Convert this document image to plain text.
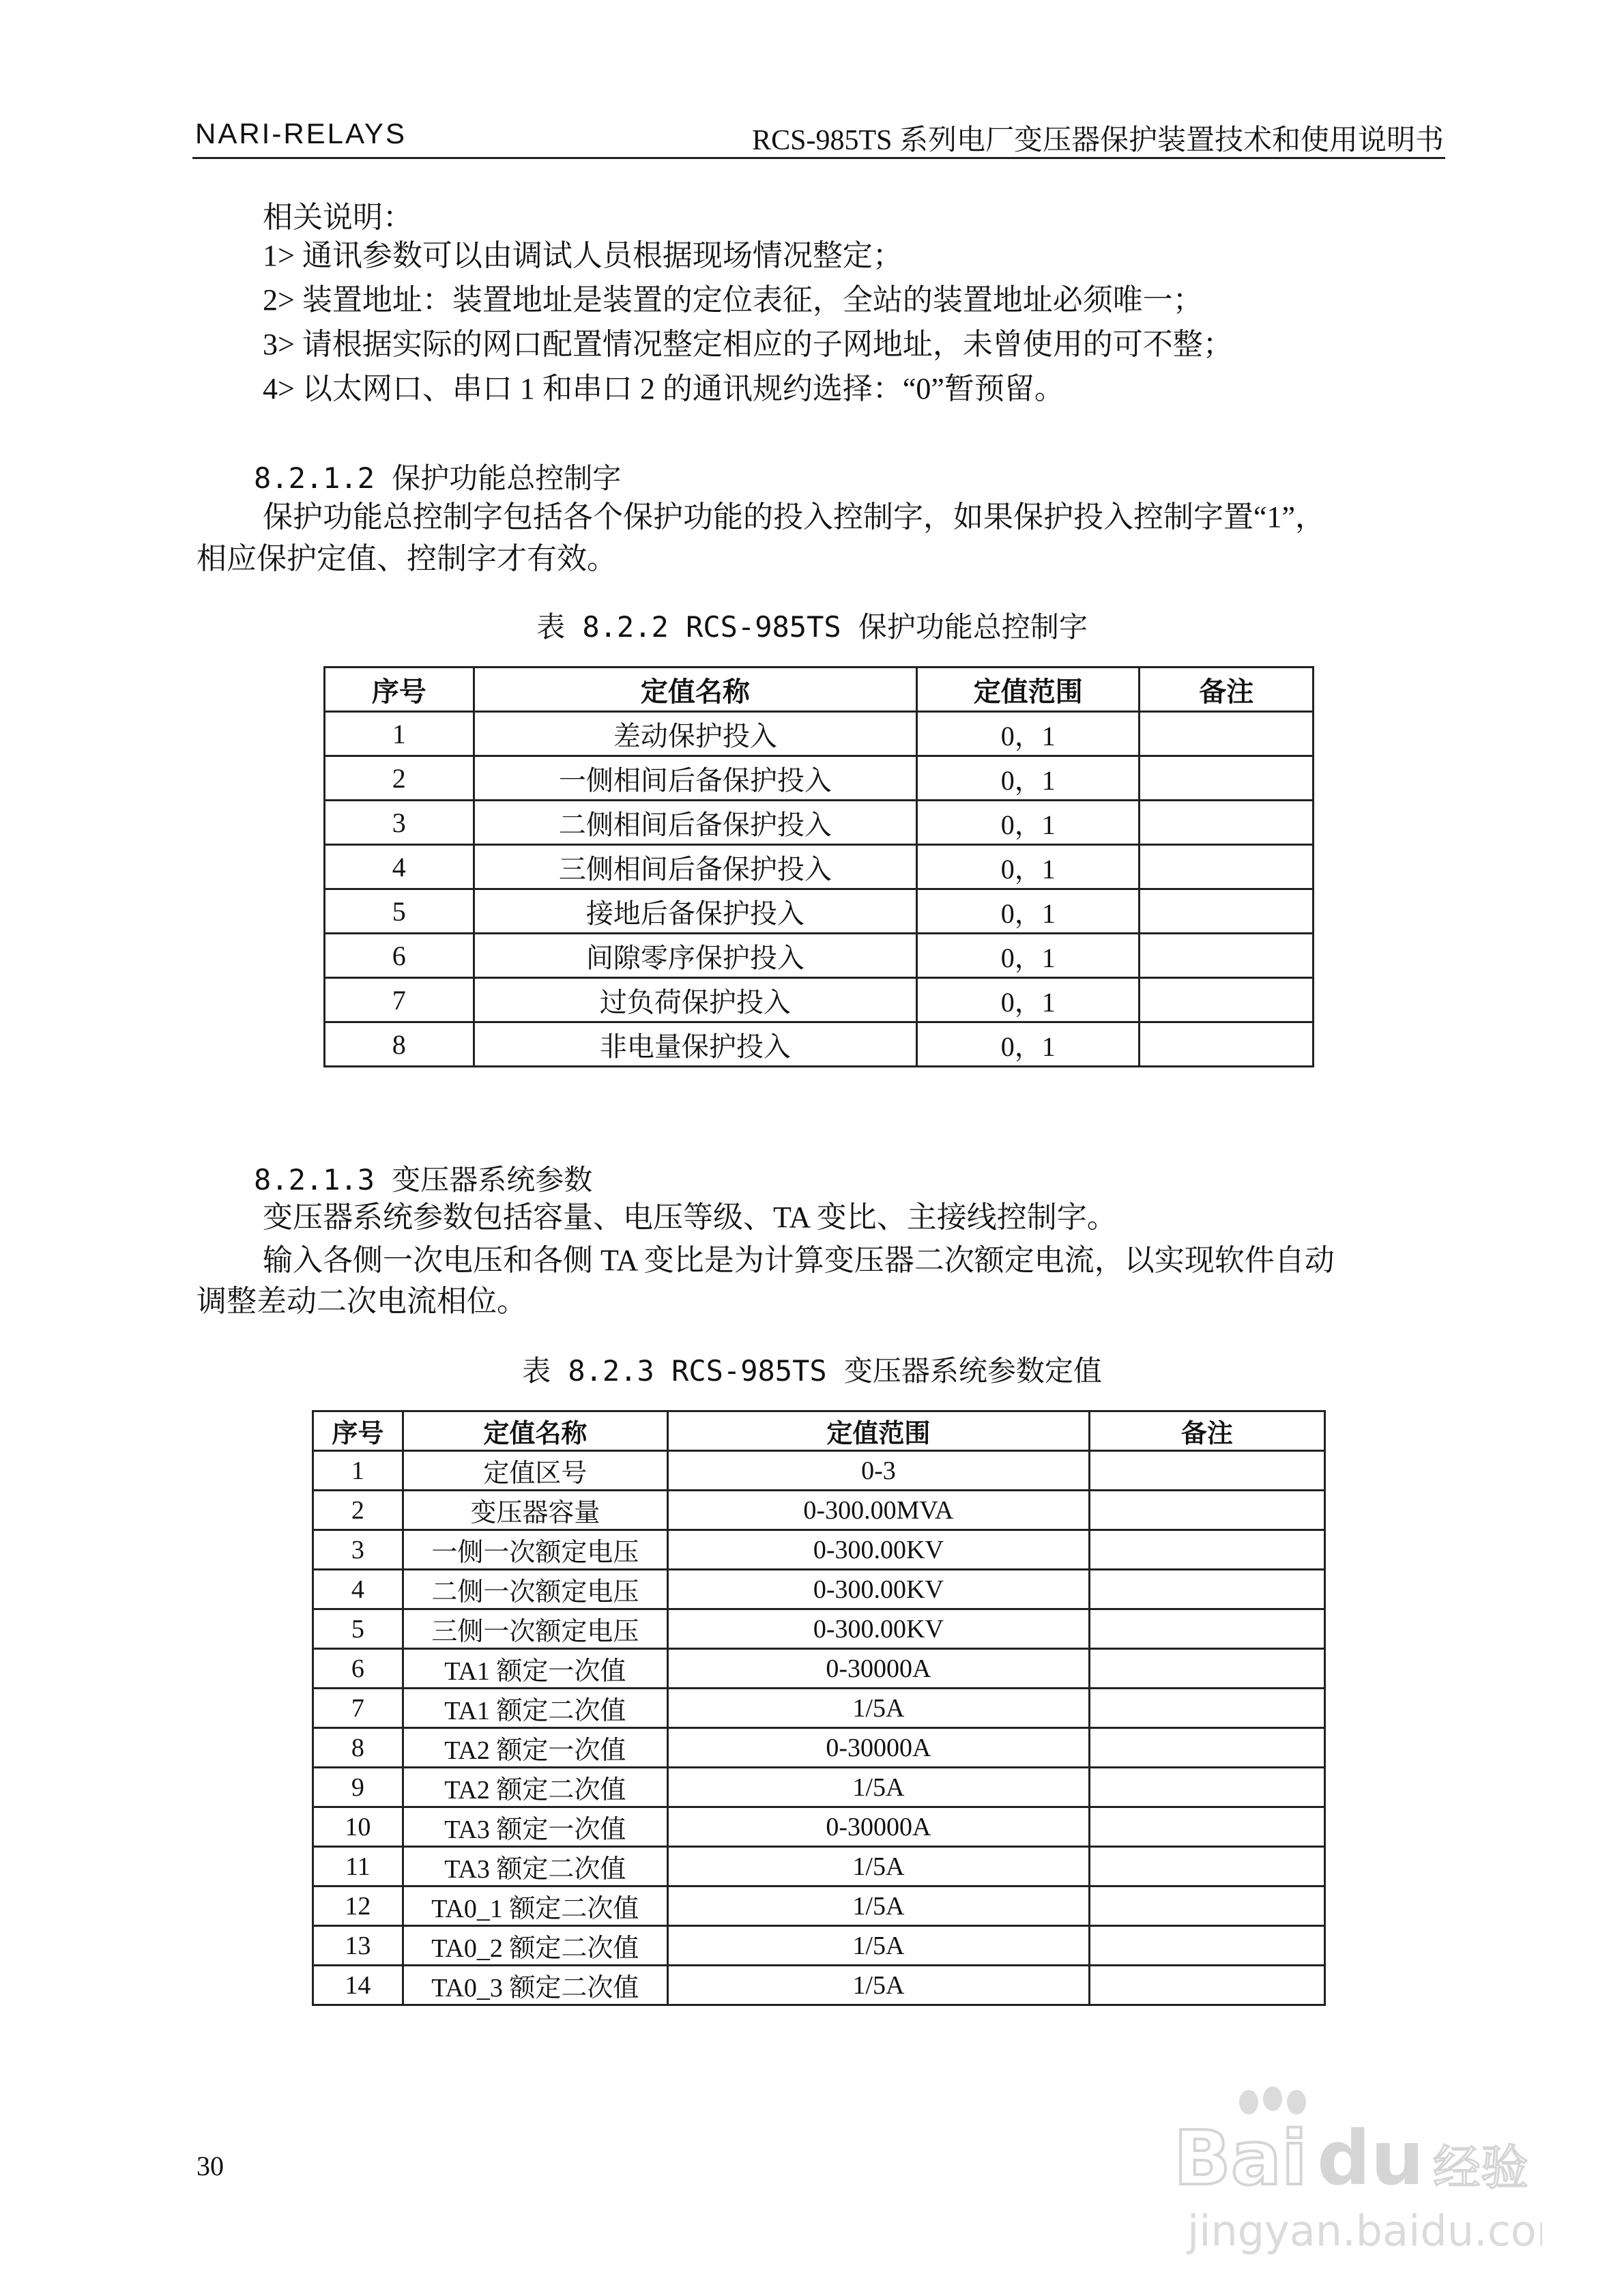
NARI-RELAYS	RCS-985TS 系列电厂变压器保护装置技术和使用说明书
相关说明：
1> 通讯参数可以由调试人员根据现场情况整定；
2> 装置地址：装置地址是装置的定位表征，全站的装置地址必须唯一；
3> 请根据实际的网口配置情况整定相应的子网地址，未曾使用的可不整；
4> 以太网口、串口 1 和串口 2 的通讯规约选择：“0”暂预留。
8.2.1.2 保护功能总控制字
保护功能总控制字包括各个保护功能的投入控制字，如果保护投入控制字置“1”，
相应保护定值、控制字才有效。
表 8.2.2 RCS-985TS 保护功能总控制字
序号	定值名称	定值范围	备注
1	差动保护投入	0，1	
2	一侧相间后备保护投入	0，1	
3	二侧相间后备保护投入	0，1	
4	三侧相间后备保护投入	0，1	
5	接地后备保护投入	0，1	
6	间隙零序保护投入	0，1	
7	过负荷保护投入	0，1	
8	非电量保护投入	0，1	
8.2.1.3 变压器系统参数
变压器系统参数包括容量、电压等级、TA 变比、主接线控制字。
输入各侧一次电压和各侧 TA 变比是为计算变压器二次额定电流，以实现软件自动
调整差动二次电流相位。
表 8.2.3 RCS-985TS 变压器系统参数定值
序号	定值名称	定值范围	备注
1	定值区号	0-3	
2	变压器容量	0-300.00MVA	
3	一侧一次额定电压	0-300.00KV	
4	二侧一次额定电压	0-300.00KV	
5	三侧一次额定电压	0-300.00KV	
6	TA1 额定一次值	0-30000A	
7	TA1 额定二次值	1/5A	
8	TA2 额定一次值	0-30000A	
9	TA2 额定二次值	1/5A	
10	TA3 额定一次值	0-30000A	
11	TA3 额定二次值	1/5A	
12	TA0_1 额定二次值	1/5A	
13	TA0_2 额定二次值	1/5A	
14	TA0_3 额定二次值	1/5A	
30	Bai du 经验
jingyan.baidu.com
